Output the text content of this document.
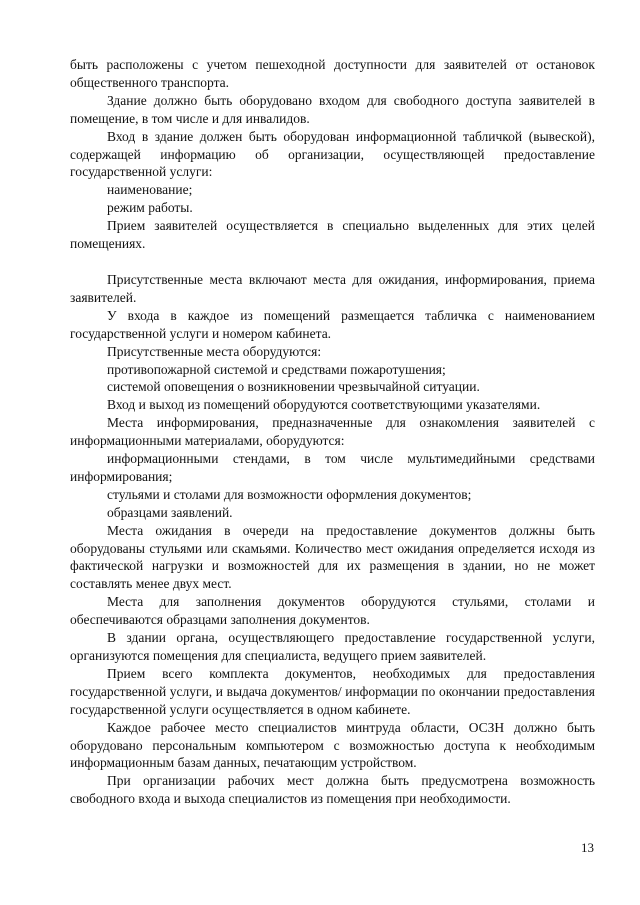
быть расположены с учетом пешеходной доступности для заявителей от остановок общественного транспорта.

Здание должно быть оборудовано входом для свободного доступа заявителей в помещение, в том числе и для инвалидов.

Вход в здание должен быть оборудован информационной табличкой (вывеской), содержащей информацию об организации, осуществляющей предоставление государственной услуги:

наименование;

режим работы.

Прием заявителей осуществляется в специально выделенных для этих целей помещениях.

Присутственные места включают места для ожидания, информирования, приема заявителей.

У входа в каждое из помещений размещается табличка с наименованием государственной услуги и номером кабинета.

Присутственные места оборудуются:

противопожарной системой и средствами пожаротушения;

системой оповещения о возникновении чрезвычайной ситуации.

Вход и выход из помещений оборудуются соответствующими указателями.

Места информирования, предназначенные для ознакомления заявителей с информационными материалами, оборудуются:

информационными стендами, в том числе мультимедийными средствами информирования;

стульями и столами для возможности оформления документов;

образцами заявлений.

Места ожидания в очереди на предоставление документов должны быть оборудованы стульями или скамьями. Количество мест ожидания определяется исходя из фактической нагрузки и возможностей для их размещения в здании, но не может составлять менее двух мест.

Места для заполнения документов оборудуются стульями, столами и обеспечиваются образцами заполнения документов.

В здании органа, осуществляющего предоставление государственной услуги, организуются помещения для специалиста, ведущего прием заявителей.

Прием всего комплекта документов, необходимых для предоставления государственной услуги, и выдача документов/ информации по окончании предоставления государственной услуги осуществляется в одном кабинете.

Каждое рабочее место специалистов минтруда области, ОСЗН должно быть оборудовано персональным компьютером с возможностью доступа к необходимым информационным базам данных, печатающим устройством.

При организации рабочих мест должна быть предусмотрена возможность свободного входа и выхода специалистов из помещения при необходимости.

13
